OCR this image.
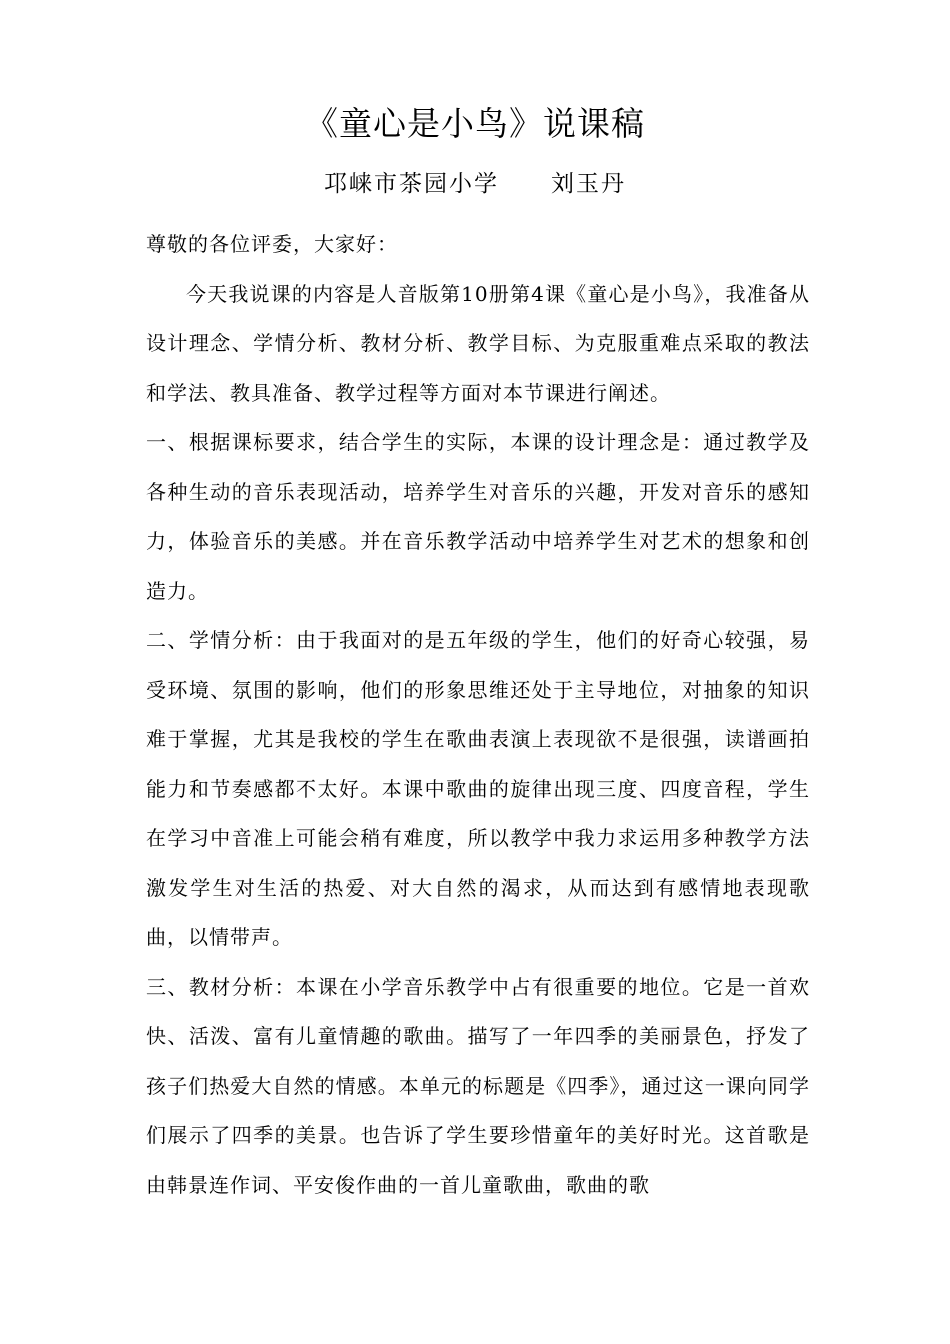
《童心是小鸟》说课稿
邛崃市茶园小学 刘玉丹

尊敬的各位评委，大家好：

今天我说课的内容是人音版第10册第4课《童心是小鸟》，我准备从设计理念、学情分析、教材分析、教学目标、为克服重难点采取的教法和学法、教具准备、教学过程等方面对本节课进行阐述。

一、根据课标要求，结合学生的实际，本课的设计理念是：通过教学及各种生动的音乐表现活动，培养学生对音乐的兴趣，开发对音乐的感知力，体验音乐的美感。并在音乐教学活动中培养学生对艺术的想象和创造力。

二、学情分析：由于我面对的是五年级的学生，他们的好奇心较强，易受环境、氛围的影响，他们的形象思维还处于主导地位，对抽象的知识难于掌握，尤其是我校的学生在歌曲表演上表现欲不是很强，读谱画拍能力和节奏感都不太好。本课中歌曲的旋律出现三度、四度音程，学生在学习中音准上可能会稍有难度，所以教学中我力求运用多种教学方法激发学生对生活的热爱、对大自然的渴求，从而达到有感情地表现歌曲，以情带声。

三、教材分析：本课在小学音乐教学中占有很重要的地位。它是一首欢快、活泼、富有儿童情趣的歌曲。描写了一年四季的美丽景色，抒发了孩子们热爱大自然的情感。本单元的标题是《四季》，通过这一课向同学们展示了四季的美景。也告诉了学生要珍惜童年的美好时光。这首歌是由韩景连作词、平安俊作曲的一首儿童歌曲，歌曲的歌
